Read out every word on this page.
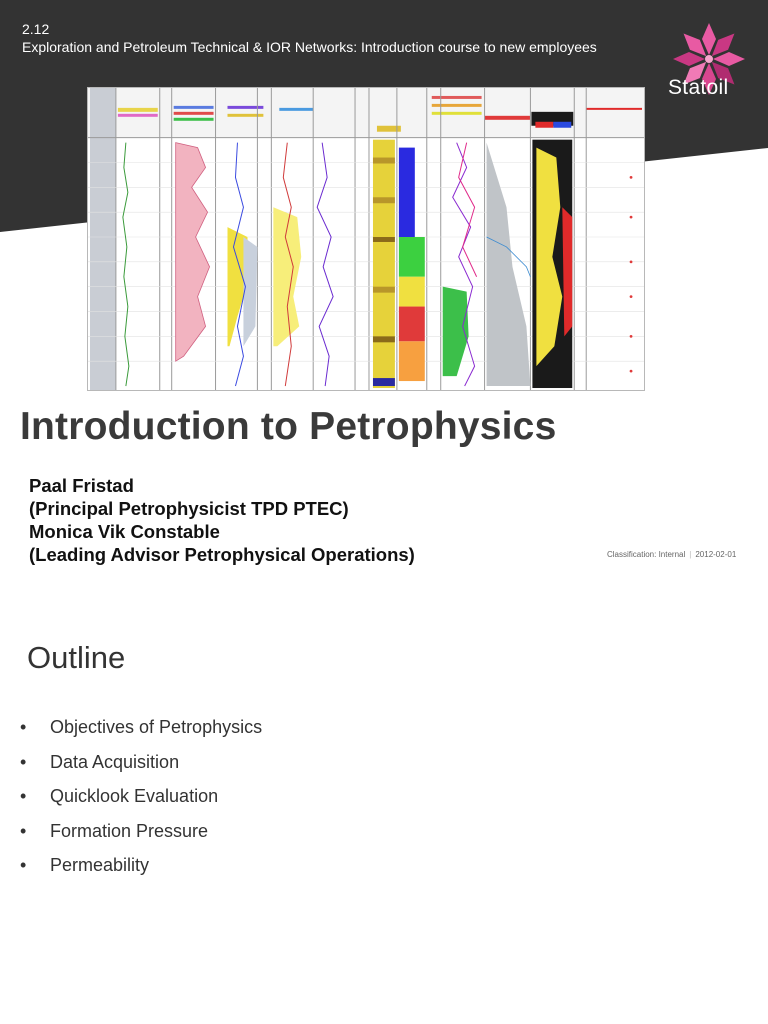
2.12
Exploration and Petroleum Technical & IOR Networks: Introduction course to new employees
Statoil
Introduction to Petrophysics
Paal Fristad
(Principal Petrophysicist TPD PTEC)
Monica Vik Constable
(Leading Advisor Petrophysical Operations)	Classification: Internal | 2012-02-01
Outline
•	Objectives of Petrophysics
•	Data Acquisition
•	Quicklook Evaluation
•	Formation Pressure
•	Permeability
